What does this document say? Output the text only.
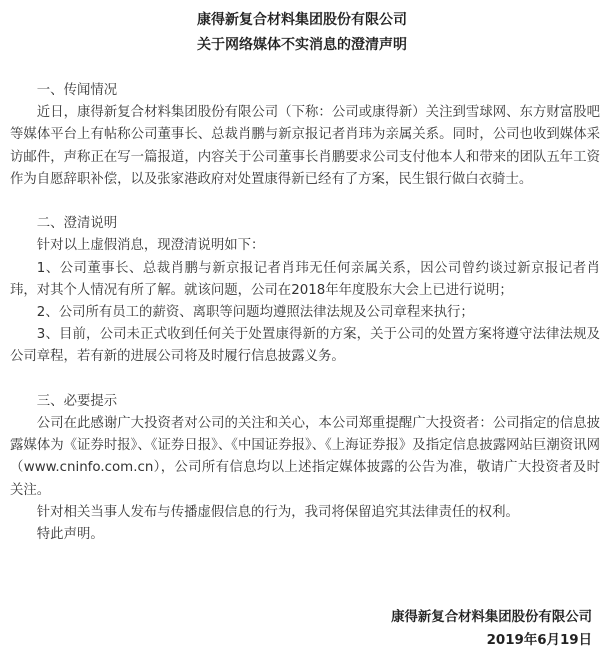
康得新复合材料集团股份有限公司
关于网络媒体不实消息的澄清声明

一、传闻情况

近日，康得新复合材料集团股份有限公司（下称：公司或康得新）关注到雪球网、东方财富股吧等媒体平台上有帖称公司董事长、总裁肖鹏与新京报记者肖玮为亲属关系。同时，公司也收到媒体采访邮件，声称正在写一篇报道，内容关于公司董事长肖鹏要求公司支付他本人和带来的团队五年工资作为自愿辞职补偿，以及张家港政府对处置康得新已经有了方案，民生银行做白衣骑士。

二、澄清说明

针对以上虚假消息，现澄清说明如下：

1、公司董事长、总裁肖鹏与新京报记者肖玮无任何亲属关系，因公司曾约谈过新京报记者肖玮，对其个人情况有所了解。就该问题，公司在2018年年度股东大会上已进行说明；

2、公司所有员工的薪资、离职等问题均遵照法律法规及公司章程来执行；

3、目前，公司未正式收到任何关于处置康得新的方案，关于公司的处置方案将遵守法律法规及公司章程，若有新的进展公司将及时履行信息披露义务。

三、必要提示

公司在此感谢广大投资者对公司的关注和关心，本公司郑重提醒广大投资者：公司指定的信息披露媒体为《证券时报》、《证券日报》、《中国证券报》、《上海证券报》及指定信息披露网站巨潮资讯网（www.cninfo.com.cn），公司所有信息均以上述指定媒体披露的公告为准，敬请广大投资者及时关注。

针对相关当事人发布与传播虚假信息的行为，我司将保留追究其法律责任的权利。

特此声明。

康得新复合材料集团股份有限公司
2019年6月19日
